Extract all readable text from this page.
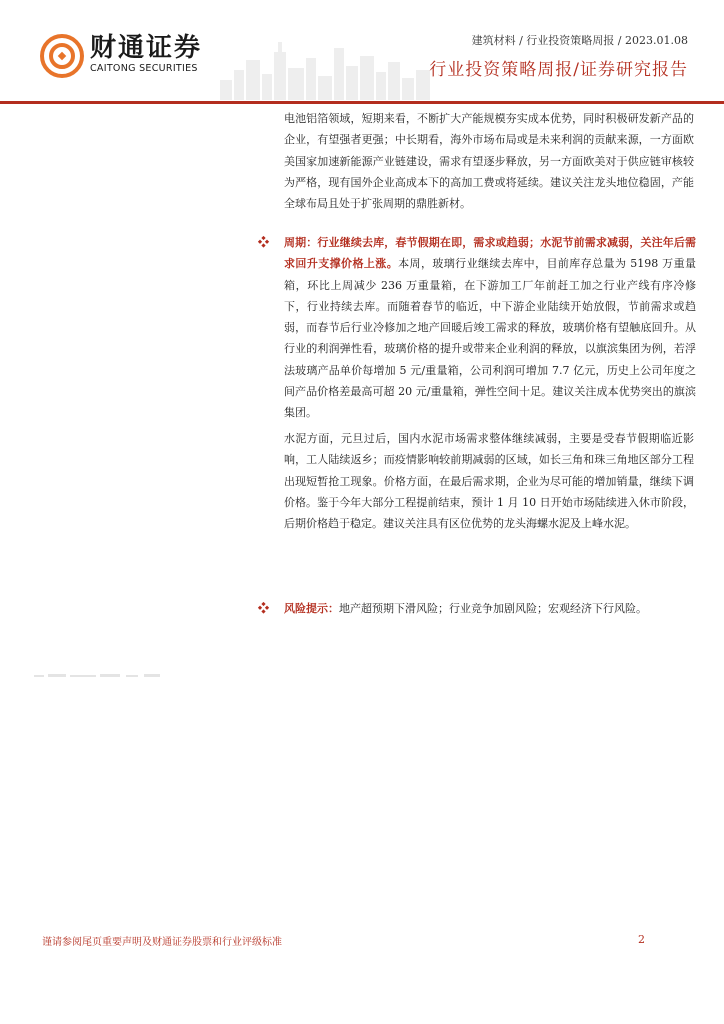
财通证券
CAITONG SECURITIES
建筑材料 / 行业投资策略周报 / 2023.01.08
行业投资策略周报/证券研究报告

电池铝箔领域，短期来看，不断扩大产能规模夯实成本优势，同时积极研发新产品的企业，有望强者更强；中长期看，海外市场布局或是未来利润的贡献来源，一方面欧美国家加速新能源产业链建设，需求有望逐步释放，另一方面欧美对于供应链审核较为严格，现有国外企业高成本下的高加工费或将延续。建议关注龙头地位稳固，产能全球布局且处于扩张周期的鼎胜新材。

周期：行业继续去库，春节假期在即，需求或趋弱；水泥节前需求减弱，关注年后需求回升支撑价格上涨。本周，玻璃行业继续去库中，目前库存总量为 5198 万重量箱，环比上周减少 236 万重量箱，在下游加工厂年前赶工加之行业产线有序冷修下，行业持续去库。而随着春节的临近，中下游企业陆续开始放假，节前需求或趋弱，而春节后行业冷修加之地产回暖后竣工需求的释放，玻璃价格有望触底回升。从行业的利润弹性看，玻璃价格的提升或带来企业利润的释放，以旗滨集团为例，若浮法玻璃产品单价每增加 5 元/重量箱，公司利润可增加 7.7 亿元，历史上公司年度之间产品价格差最高可超 20 元/重量箱，弹性空间十足。建议关注成本优势突出的旗滨集团。

水泥方面，元旦过后，国内水泥市场需求整体继续减弱，主要是受春节假期临近影响，工人陆续返乡；而疫情影响较前期减弱的区域，如长三角和珠三角地区部分工程出现短暂抢工现象。价格方面，在最后需求期，企业为尽可能的增加销量，继续下调价格。鉴于今年大部分工程提前结束，预计 1 月 10 日开始市场陆续进入休市阶段，后期价格趋于稳定。建议关注具有区位优势的龙头海螺水泥及上峰水泥。

风险提示：地产超预期下滑风险；行业竞争加剧风险；宏观经济下行风险。
谨请参阅尾页重要声明及财通证券股票和行业评级标准	2
